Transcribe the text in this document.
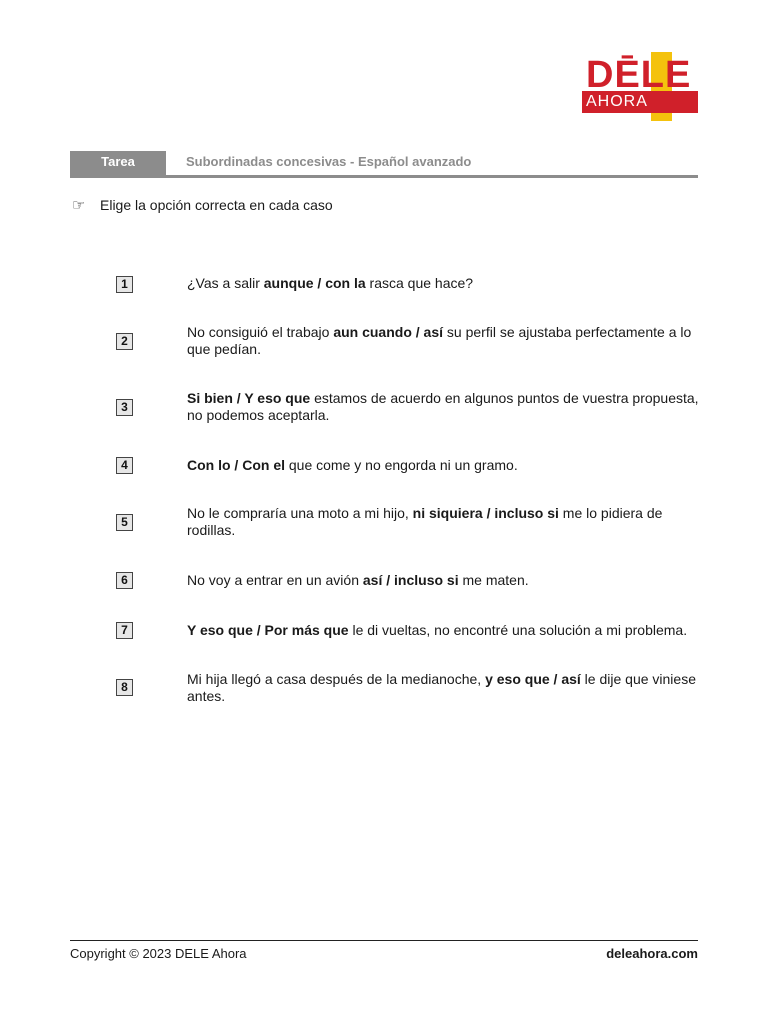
DĒLE
AHORA
Tarea	Subordinadas concesivas - Español avanzado
☞ Elige la opción correcta en cada caso
1	¿Vas a salir aunque / con la rasca que hace?
2
No consiguió el trabajo aun cuando / así su perfil se ajustaba perfectamente a lo que pedían.
3
Si bien / Y eso que estamos de acuerdo en algunos puntos de vuestra propuesta, no podemos aceptarla.
4	Con lo / Con el que come y no engorda ni un gramo.
5
No le compraría una moto a mi hijo, ni siquiera / incluso si me lo pidiera de rodillas.
6	No voy a entrar en un avión así / incluso si me maten.
7	Y eso que / Por más que le di vueltas, no encontré una solución a mi problema.
8	Mi hija llegó a casa después de la medianoche, y eso que / así le dije que viniese antes.
Copyright © 2023 DELE Ahora	deleahora.com
